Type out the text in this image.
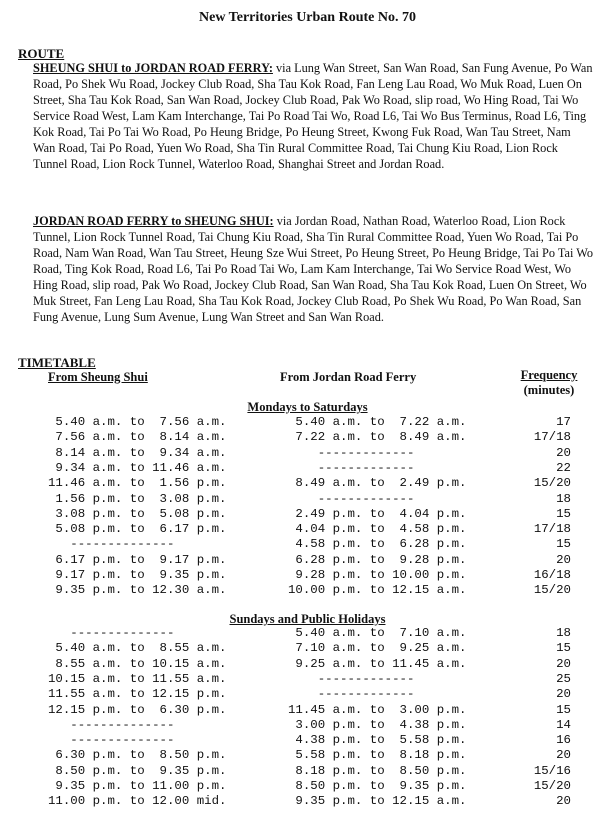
New Territories Urban Route No. 70
ROUTE
SHEUNG SHUI to JORDAN ROAD FERRY: via Lung Wan Street, San Wan Road, San Fung Avenue, Po Wan Road, Po Shek Wu Road, Jockey Club Road, Sha Tau Kok Road, Fan Leng Lau Road, Wo Muk Road, Luen On Street, Sha Tau Kok Road, San Wan Road, Jockey Club Road, Pak Wo Road, slip road, Wo Hing Road, Tai Wo Service Road West, Lam Kam Interchange, Tai Po Road Tai Wo, Road L6, Tai Wo Bus Terminus, Road L6, Ting Kok Road, Tai Po Tai Wo Road, Po Heung Bridge, Po Heung Street, Kwong Fuk Road, Wan Tau Street, Nam Wan Road, Tai Po Road, Yuen Wo Road, Sha Tin Rural Committee Road, Tai Chung Kiu Road, Lion Rock Tunnel Road, Lion Rock Tunnel, Waterloo Road, Shanghai Street and Jordan Road.
JORDAN ROAD FERRY to SHEUNG SHUI: via Jordan Road, Nathan Road, Waterloo Road, Lion Rock Tunnel, Lion Rock Tunnel Road, Tai Chung Kiu Road, Sha Tin Rural Committee Road, Yuen Wo Road, Tai Po Road, Nam Wan Road, Wan Tau Street, Heung Sze Wui Street, Po Heung Street, Po Heung Bridge, Tai Po Tai Wo Road, Ting Kok Road, Road L6, Tai Po Road Tai Wo, Lam Kam Interchange, Tai Wo Service Road West, Wo Hing Road, slip road, Pak Wo Road, Jockey Club Road, San Wan Road, Sha Tau Kok Road, Luen On Street, Wo Muk Street, Fan Leng Lau Road, Sha Tau Kok Road, Jockey Club Road, Po Shek Wu Road, Po Wan Road, San Fung Avenue, Lung Sum Avenue, Lung Wan Street and San Wan Road.
TIMETABLE
From Sheung Shui	From Jordan Road Ferry	Frequency
(minutes)
Mondays to Saturdays
5.40 a.m. to  7.56 a.m.	5.40 a.m. to  7.22 a.m.	17
7.56 a.m. to  8.14 a.m.	7.22 a.m. to  8.49 a.m.	17/18
8.14 a.m. to  9.34 a.m.	-------------	20
9.34 a.m. to 11.46 a.m.	-------------	22
11.46 a.m. to  1.56 p.m.	8.49 a.m. to  2.49 p.m.	15/20
1.56 p.m. to  3.08 p.m.	-------------	18
3.08 p.m. to  5.08 p.m.	2.49 p.m. to  4.04 p.m.	15
5.08 p.m. to  6.17 p.m.	4.04 p.m. to  4.58 p.m.	17/18
--------------	4.58 p.m. to  6.28 p.m.	15
6.17 p.m. to  9.17 p.m.	6.28 p.m. to  9.28 p.m.	20
9.17 p.m. to  9.35 p.m.	9.28 p.m. to 10.00 p.m.	16/18
9.35 p.m. to 12.30 a.m.	10.00 p.m. to 12.15 a.m.	15/20
Sundays and Public Holidays
--------------	5.40 a.m. to  7.10 a.m.	18
5.40 a.m. to  8.55 a.m.	7.10 a.m. to  9.25 a.m.	15
8.55 a.m. to 10.15 a.m.	9.25 a.m. to 11.45 a.m.	20
10.15 a.m. to 11.55 a.m.	-------------	25
11.55 a.m. to 12.15 p.m.	-------------	20
12.15 p.m. to  6.30 p.m.	11.45 a.m. to  3.00 p.m.	15
--------------	3.00 p.m. to  4.38 p.m.	14
--------------	4.38 p.m. to  5.58 p.m.	16
6.30 p.m. to  8.50 p.m.	5.58 p.m. to  8.18 p.m.	20
8.50 p.m. to  9.35 p.m.	8.18 p.m. to  8.50 p.m.	15/16
9.35 p.m. to 11.00 p.m.	8.50 p.m. to  9.35 p.m.	15/20
11.00 p.m. to 12.00 mid.	9.35 p.m. to 12.15 a.m.	20
